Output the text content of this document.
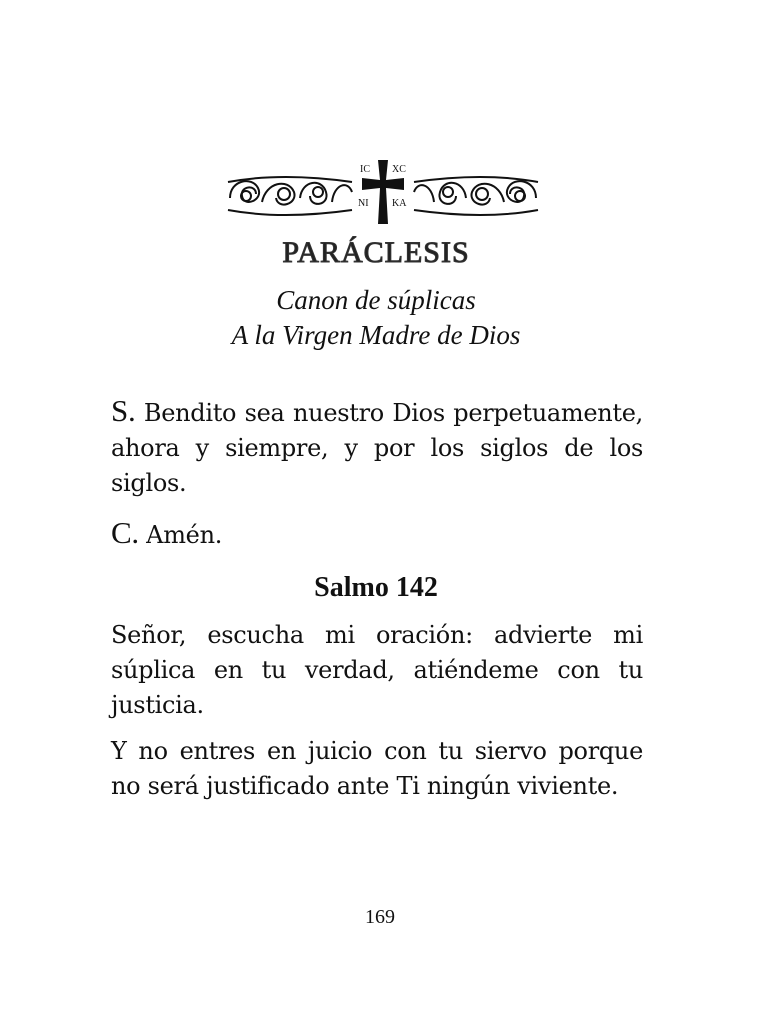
IC XC
NI KA
PARÁCLESIS
Canon de súplicas
A la Virgen Madre de Dios
S. Bendito sea nuestro Dios perpetuamente, ahora y siempre, y por los siglos de los siglos.
C. Amén.
Salmo 142
Señor, escucha mi oración: advierte mi súplica en tu verdad, atiéndeme con tu justicia.
Y no entres en juicio con tu siervo porque no será justificado ante Ti ningún viviente.
169
